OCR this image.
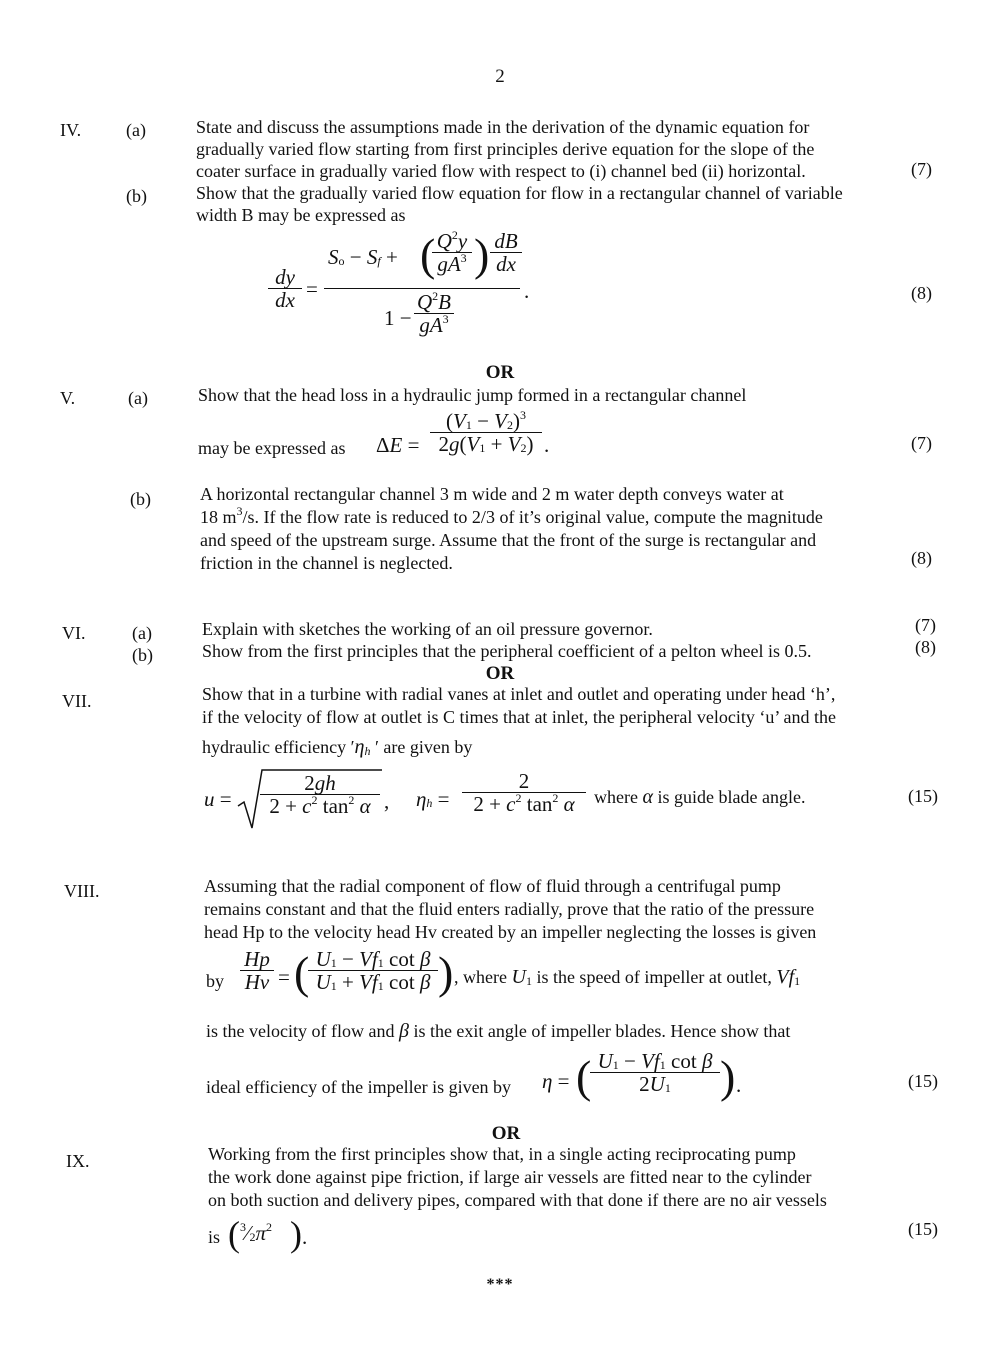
2
IV. (a)	State and discuss the assumptions made in the derivation of the dynamic equation for
gradually varied flow starting from first principles derive equation for the slope of the
coater surface in gradually varied flow with respect to (i) channel bed (ii) horizontal.	(7)
(b)	Show that the gradually varied flow equation for flow in a rectangular channel of variable
width B may be expressed as
dy
dx =
$S_o - S_f$ + ( $Q^2y$
$gA^3$ ) dB
dx
1 −
$Q^2B$
$gA^3$
.	(8)
OR
V.	(a)	Show that the head loss in a hydraulic jump formed in a rectangular channel
may be expressed as	ΔE =
$(V_1 - V_2)^3$
$2g(V_1 + V_2)$ .	(7)
(b)	A horizontal rectangular channel 3 m wide and 2 m water depth conveys water at
18 $m^3/s$. If the flow rate is reduced to 2/3 of it’s original value, compute the magnitude
and speed of the upstream surge. Assume that the front of the surge is rectangular and
friction in the channel is neglected.	(8)
VI.	(a)	Explain with sketches the working of an oil pressure governor.	(7)
(b)	Show from the first principles that the peripheral coefficient of a pelton wheel is 0.5.	(8)
OR
VII.	Show that in a turbine with radial vanes at inlet and outlet and operating under head ‘h’,
if the velocity of flow at outlet is C times that at inlet, the peripheral velocity ‘u’ and the
hydraulic efficiency $'\eta_h$ ′ are given by
u =
2gh
$2 + c^2$ $\tan^2 \alpha$ , $\eta_h$ =
2
$2 + c^2$ $\tan^2 \alpha$	where α is guide blade angle.	(15)
VIII.	Assuming that the radial component of flow of fluid through a centrifugal pump
remains constant and that the fluid enters radially, prove that the ratio of the pressure
head Hp to the velocity head Hv created by an impeller neglecting the losses is given
by
Hp
Hv = ( $U_1 - Vf_1$ cot β
$U_1 + Vf_1$ cot β ) , where $U_1$ is the speed of impeller at outlet, $Vf_1$
is the velocity of flow and β is the exit angle of impeller blades. Hence show that
ideal efficiency of the impeller is given by η = ( $U_1 - Vf_1$ cot β
$2U_1$	) .	(15)
OR
IX.	Working from the first principles show that, in a single acting reciprocating pump
the work done against pipe friction, if large air vessels are fitted near to the cylinder
on both suction and delivery pipes, compared with that done if there are no air vessels
is ( $^3⁄_2\pi^2$ ) .	(15)
***
